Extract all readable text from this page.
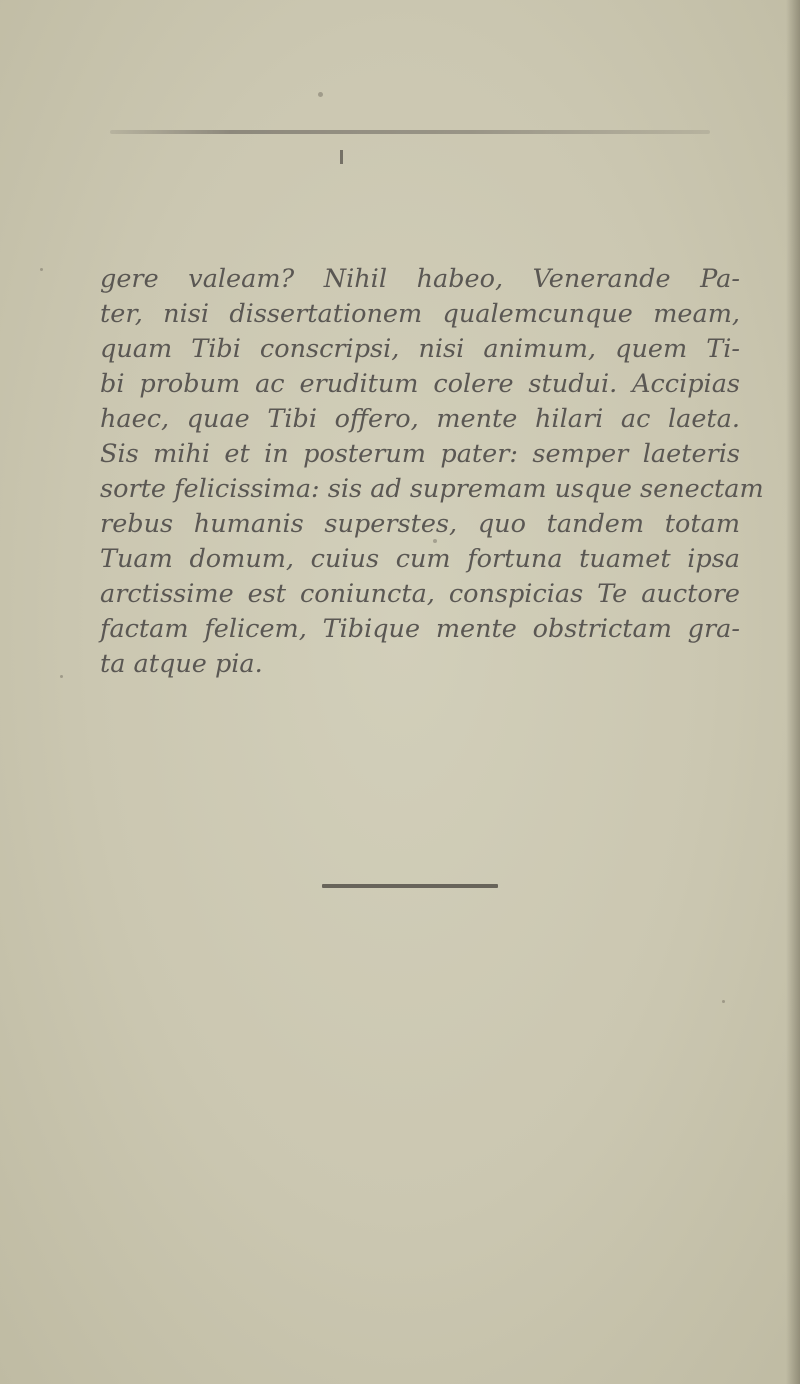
gere valeam? Nihil habeo, Venerande Pa-
ter, nisi dissertationem qualemcunque meam,
quam Tibi conscripsi, nisi animum, quem Ti-
bi probum ac eruditum colere studui. Accipias
haec, quae Tibi offero, mente hilari ac laeta.
Sis mihi et in posterum pater: semper laeteris
sorte felicissima: sis ad supremam usque senectam
rebus humanis superstes, quo tandem totam
Tuam domum, cuius cum fortuna tuamet ipsa
arctissime est coniuncta, conspicias Te auctore
factam felicem, Tibique mente obstrictam gra-
ta atque pia.
